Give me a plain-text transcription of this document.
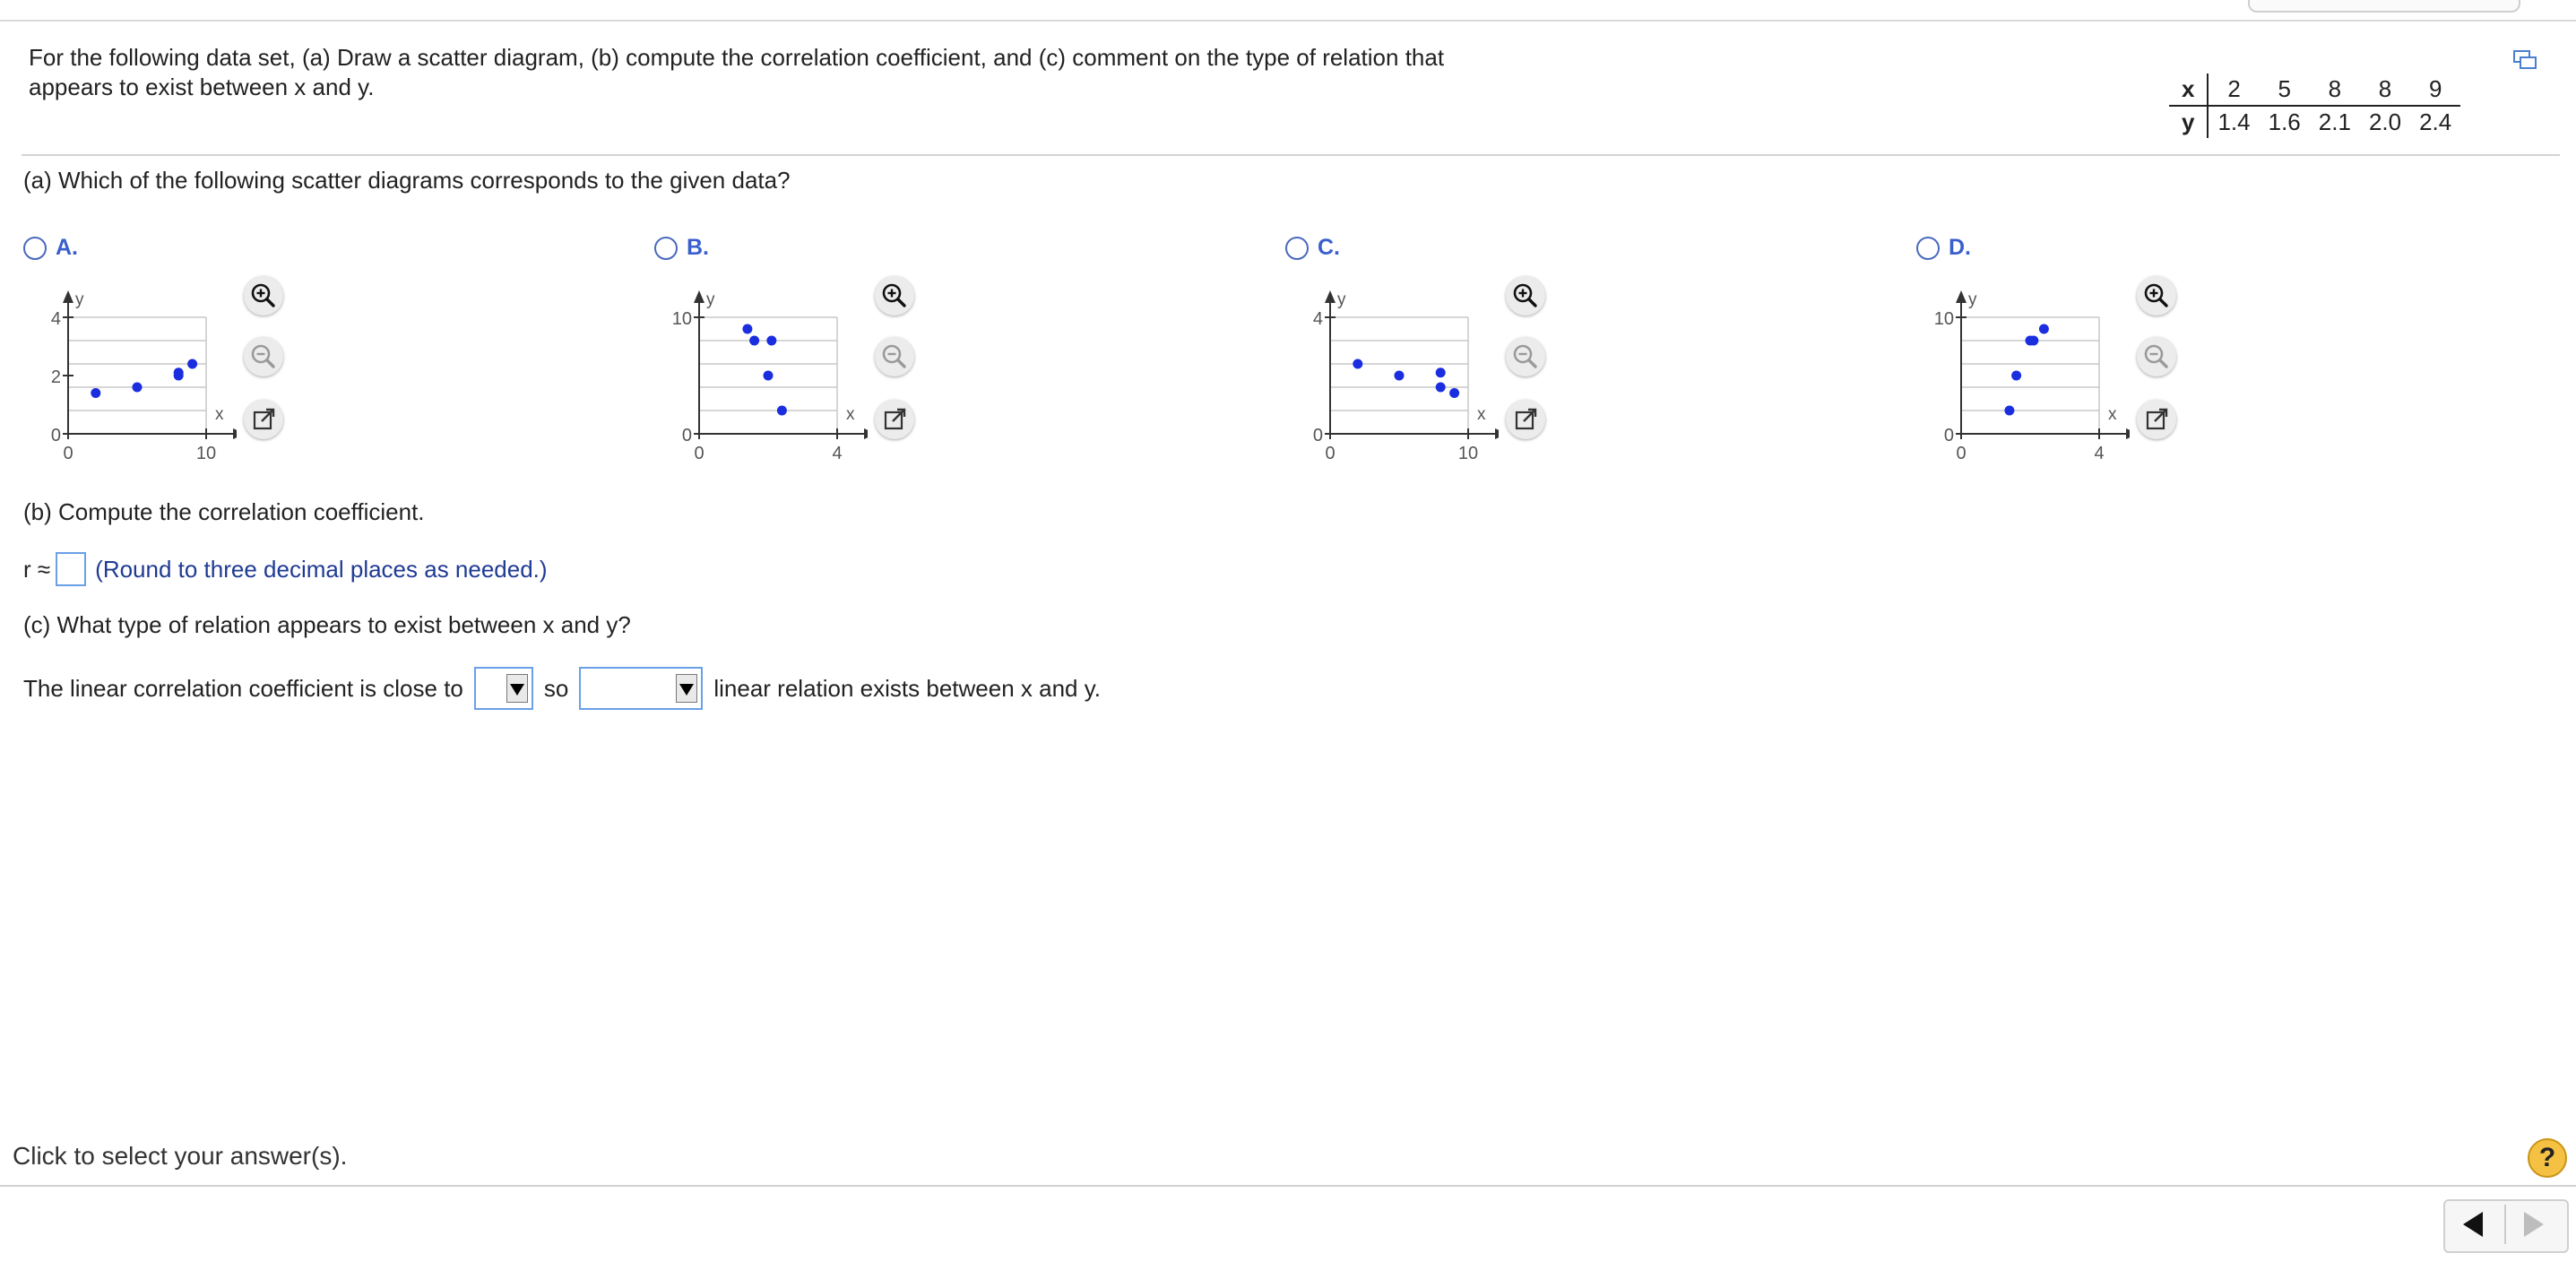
For the following data set, (a) Draw a scatter diagram, (b) compute the correlation coefficient, and (c) comment on the type of relation that appears to exist between x and y.	x	2	5	8	8	9
y	1.4	1.6	2.1	2.0	2.4
(a) Which of the following scatter diagrams corresponds to the given data?
A.
4
2
0
0	10
x
y
B.
10
0
0	4
x
y
C.
4
0
0	10
x
y
D.
10
0
0	4
x
y
(b) Compute the correlation coefficient.
r ≈ (Round to three decimal places as needed.)
(c) What type of relation appears to exist between x and y?
The linear correlation coefficient is close to	so	linear relation exists between x and y.
Click to select your answer(s).	?
